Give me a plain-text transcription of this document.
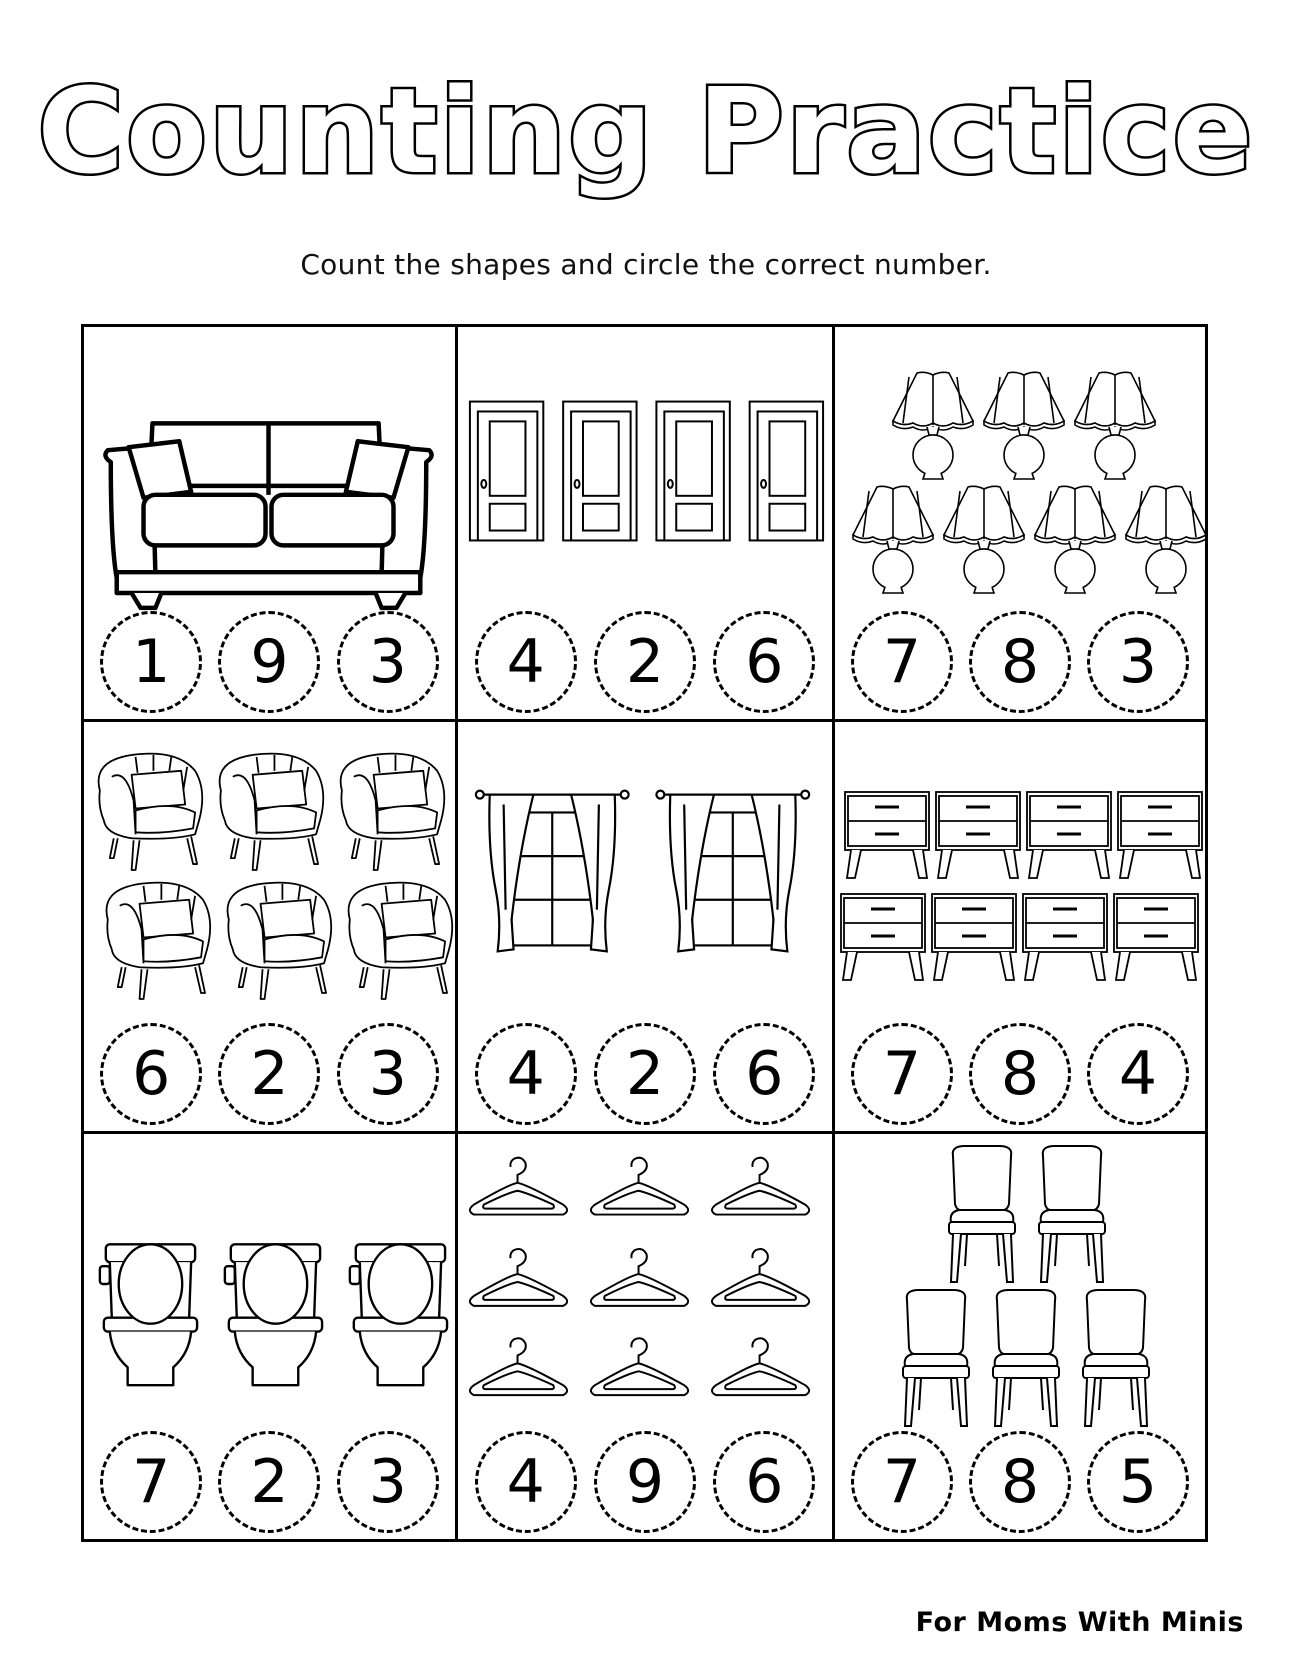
Counting Practice
Count the shapes and circle the correct number.
1	9	3	4	2	6	7	8	3
6	2	3	4	2	6	7	8	4
7	2	3	4	9	6	7	8	5
For Moms With Minis
